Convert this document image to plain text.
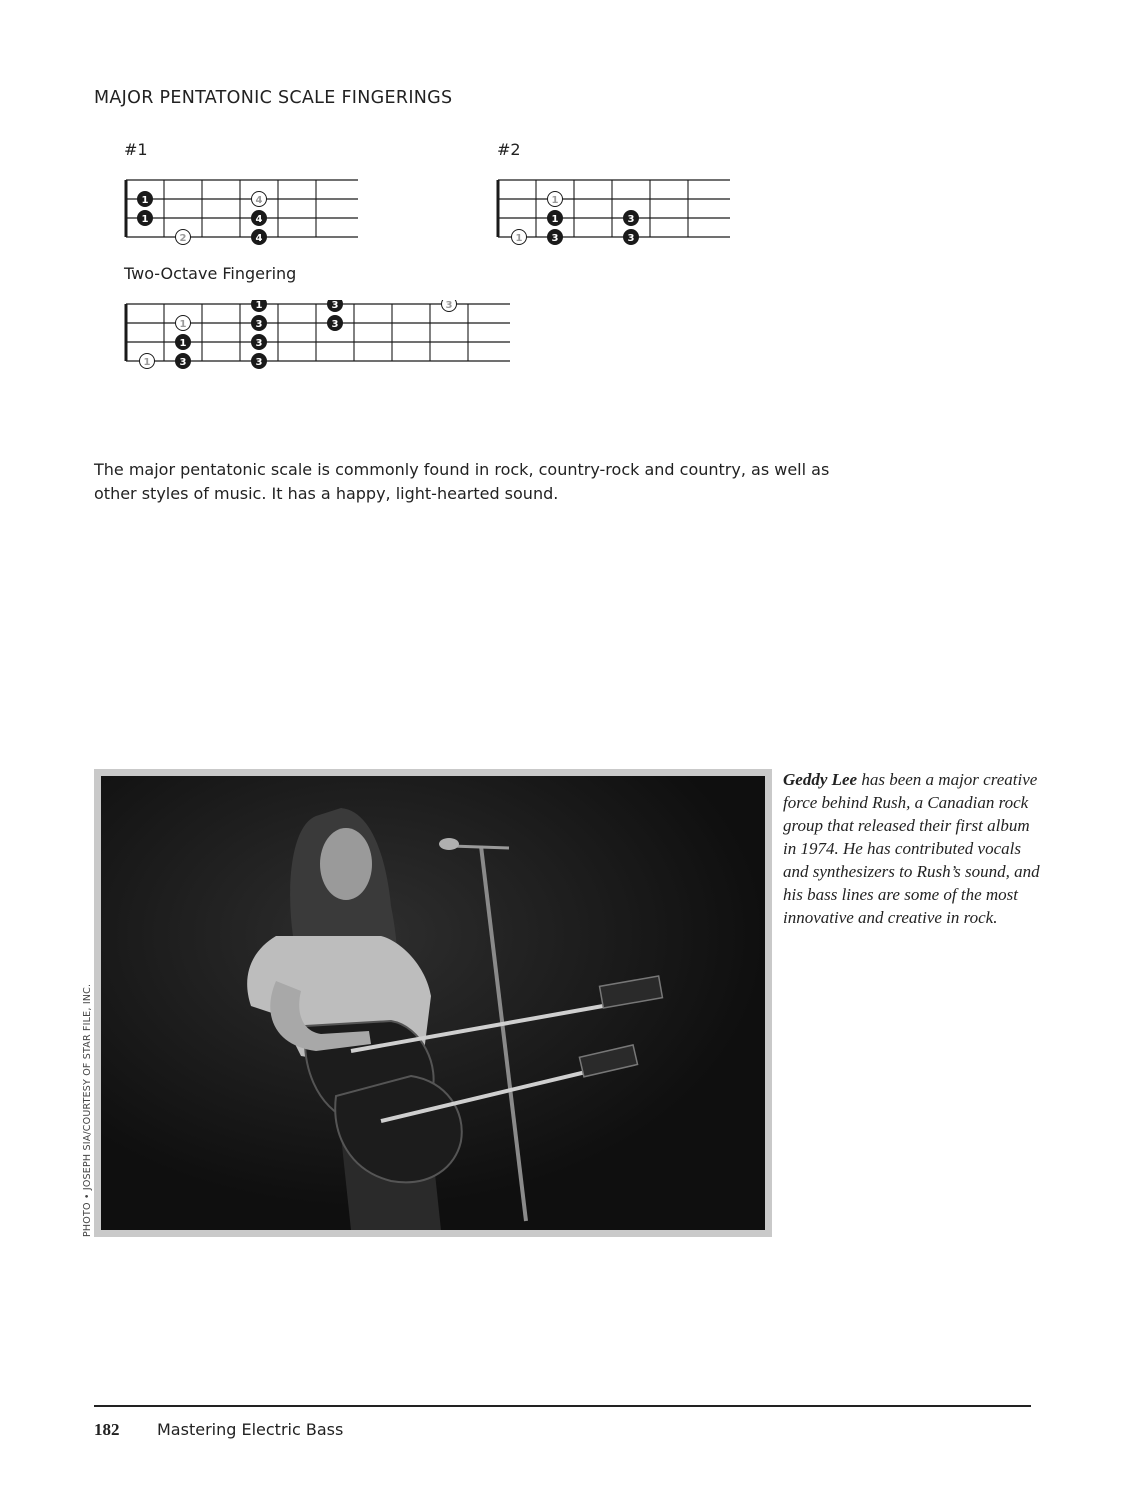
MAJOR PENTATONIC SCALE FINGERINGS
#1
1
1
2
4
4
4
#2
1
1
1
3
3
3
Two-Octave Fingering
1
1
1
3
1
3
3
3
3
3
3
The major pentatonic scale is commonly found in rock, country-rock and country, as well as other styles of music. It has a happy, light-hearted sound.
PHOTO • JOSEPH SIA/COURTESY OF STAR FILE, INC.
Geddy Lee has been a major creative force behind Rush, a Canadian rock group that released their first album in 1974. He has contributed vocals and synthesizers to Rush’s sound, and his bass lines are some of the most innovative and creative in rock.
182 Mastering Electric Bass
